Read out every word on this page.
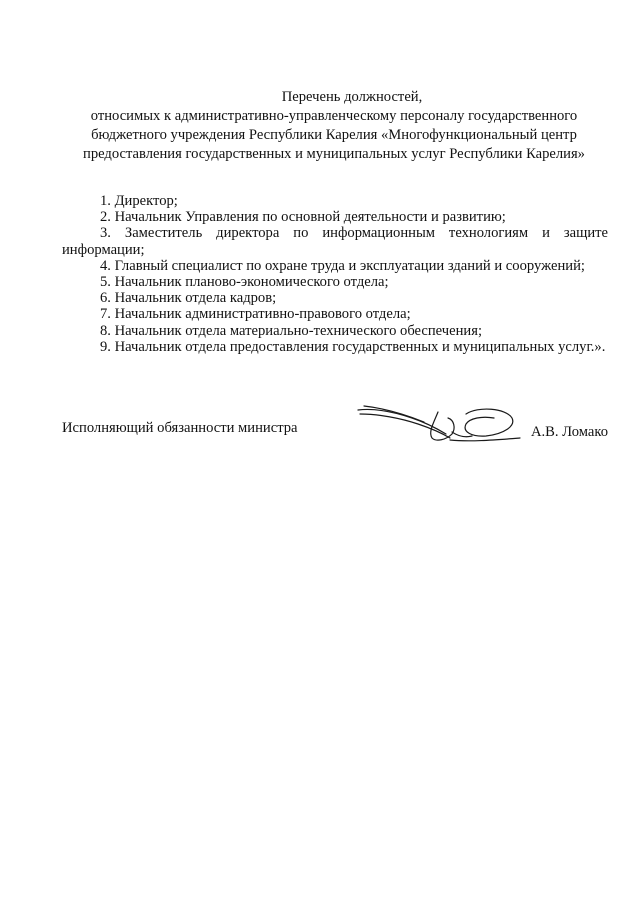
Перечень должностей,
относимых к административно-управленческому персоналу государственного
бюджетного учреждения Республики Карелия «Многофункциональный центр
предоставления государственных и муниципальных услуг Республики Карелия»

1. Директор;

2. Начальник Управления по основной деятельности и развитию;

3. Заместитель директора по информационным технологиям и защите информации;

4. Главный специалист по охране труда и эксплуатации зданий и сооружений;

5. Начальник планово-экономического отдела;

6. Начальник отдела кадров;

7. Начальник административно-правового отдела;

8. Начальник отдела материально-технического обеспечения;

9. Начальник отдела предоставления государственных и муниципальных услуг.».

Исполняющий обязанности министра	А.В. Ломако
